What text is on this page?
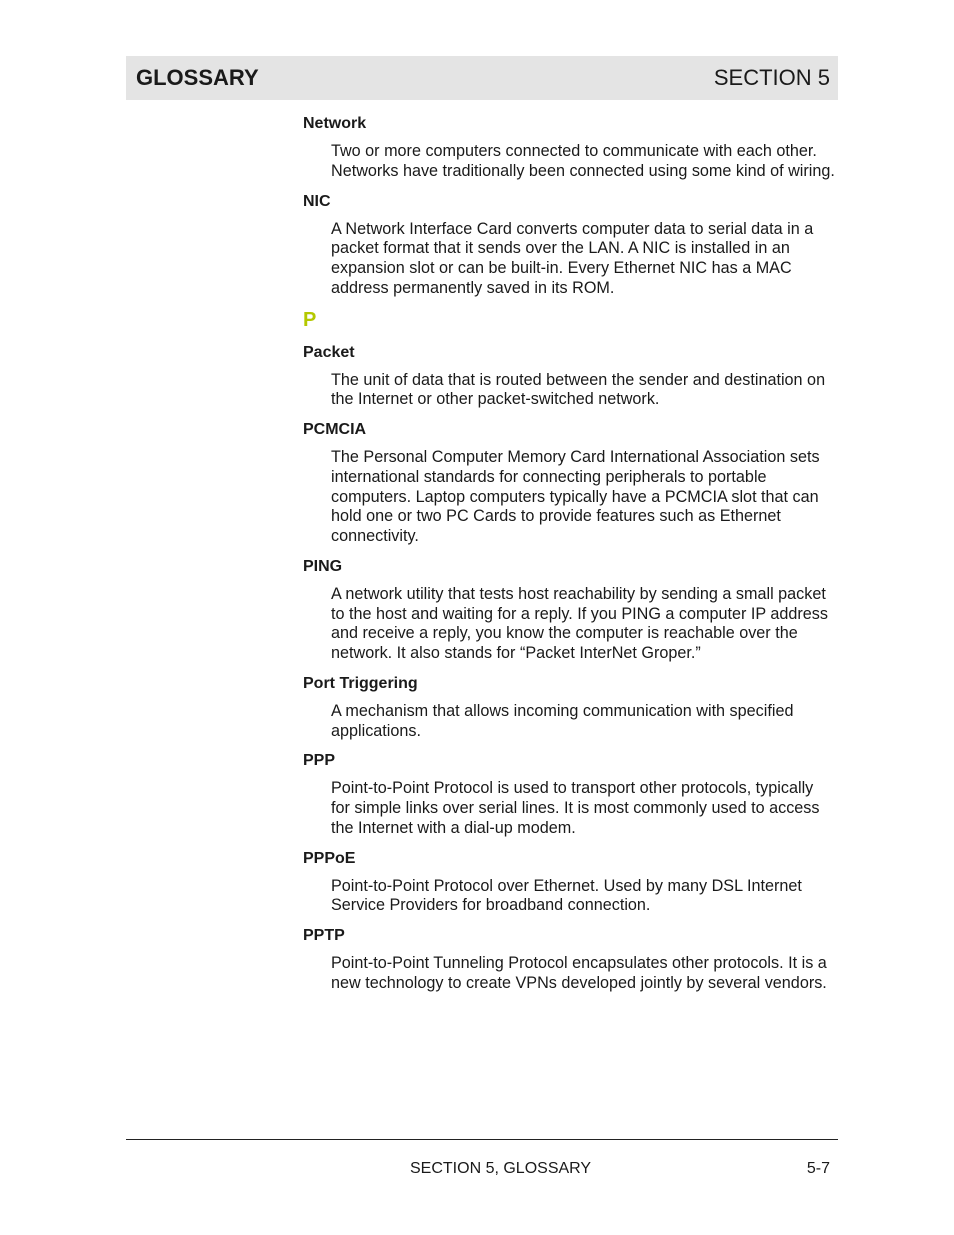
GLOSSARY	SECTION 5

Network

Two or more computers connected to communicate with each other. Networks have traditionally been connected using some kind of wiring.

NIC

A Network Interface Card converts computer data to serial data in a packet format that it sends over the LAN. A NIC is installed in an expansion slot or can be built-in. Every Ethernet NIC has a MAC address permanently saved in its ROM.

P

Packet

The unit of data that is routed between the sender and destination on the Internet or other packet-switched network.

PCMCIA

The Personal Computer Memory Card International Association sets international standards for connecting peripherals to portable computers. Laptop computers typically have a PCMCIA slot that can hold one or two PC Cards to provide features such as Ethernet connectivity.

PING

A network utility that tests host reachability by sending a small packet to the host and waiting for a reply. If you PING a computer IP address and receive a reply, you know the computer is reachable over the network. It also stands for “Packet InterNet Groper.”

Port Triggering

A mechanism that allows incoming communication with specified applications.

PPP

Point-to-Point Protocol is used to transport other protocols, typically for simple links over serial lines. It is most commonly used to access the Internet with a dial-up modem.

PPPoE

Point-to-Point Protocol over Ethernet. Used by many DSL Internet Service Providers for broadband connection.

PPTP

Point-to-Point Tunneling Protocol encapsulates other protocols. It is a new technology to create VPNs developed jointly by several vendors.

SECTION 5, GLOSSARY	5-7
